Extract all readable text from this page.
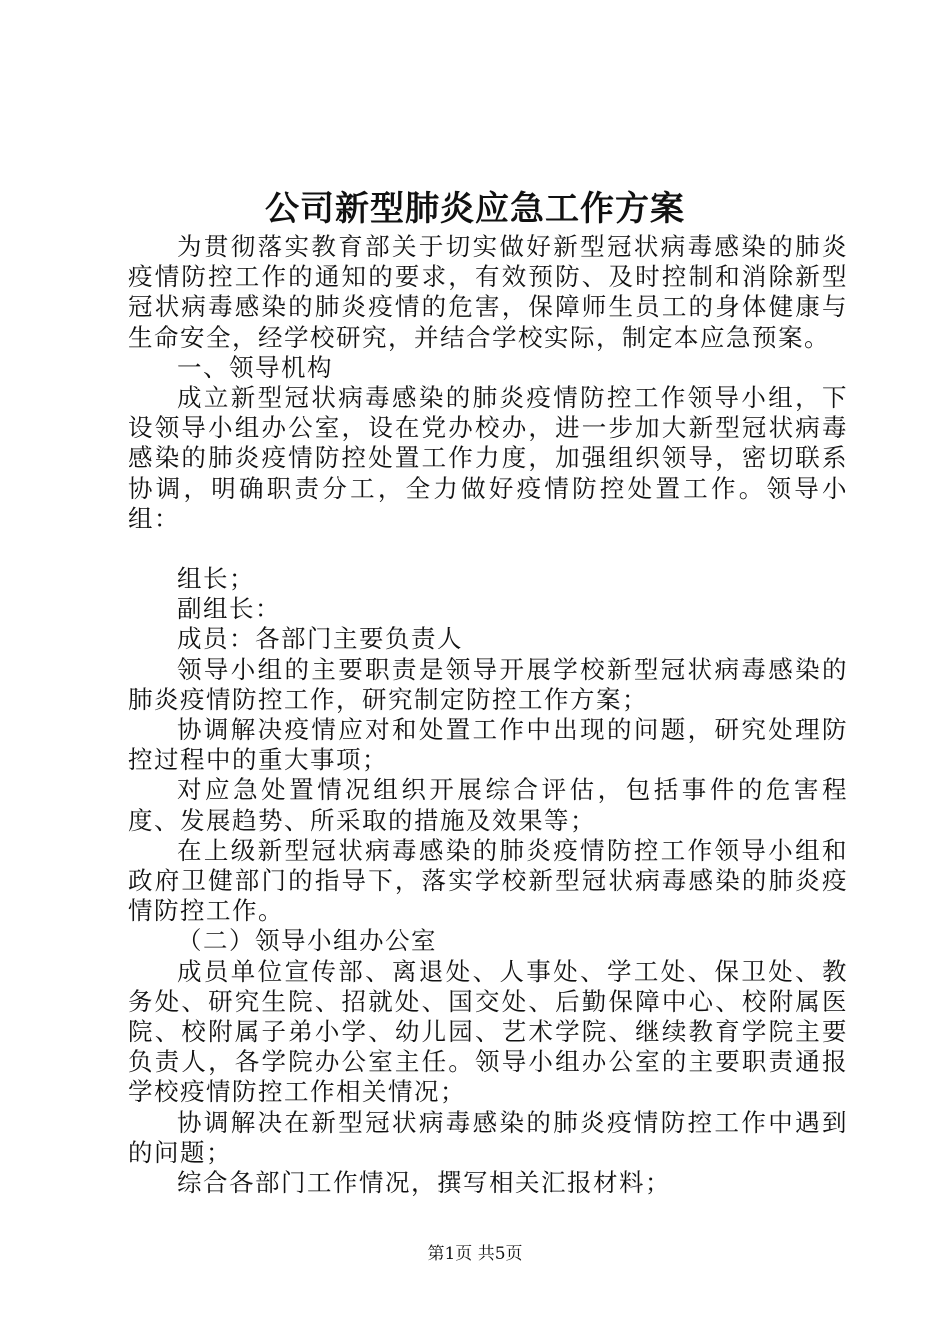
公司新型肺炎应急工作方案

为贯彻落实教育部关于切实做好新型冠状病毒感染的肺炎疫情防控工作的通知的要求，有效预防、及时控制和消除新型冠状病毒感染的肺炎疫情的危害，保障师生员工的身体健康与生命安全，经学校研究，并结合学校实际，制定本应急预案。

一、领导机构

成立新型冠状病毒感染的肺炎疫情防控工作领导小组，下设领导小组办公室，设在党办校办，进一步加大新型冠状病毒感染的肺炎疫情防控处置工作力度，加强组织领导，密切联系协调，明确职责分工，全力做好疫情防控处置工作。领导小组：

组长；

副组长：

成员：各部门主要负责人

领导小组的主要职责是领导开展学校新型冠状病毒感染的肺炎疫情防控工作，研究制定防控工作方案；

协调解决疫情应对和处置工作中出现的问题，研究处理防控过程中的重大事项；

对应急处置情况组织开展综合评估，包括事件的危害程度、发展趋势、所采取的措施及效果等；

在上级新型冠状病毒感染的肺炎疫情防控工作领导小组和政府卫健部门的指导下，落实学校新型冠状病毒感染的肺炎疫情防控工作。

（二）领导小组办公室

成员单位宣传部、离退处、人事处、学工处、保卫处、教务处、研究生院、招就处、国交处、后勤保障中心、校附属医院、校附属子弟小学、幼儿园、艺术学院、继续教育学院主要负责人，各学院办公室主任。领导小组办公室的主要职责通报学校疫情防控工作相关情况；

协调解决在新型冠状病毒感染的肺炎疫情防控工作中遇到的问题；

综合各部门工作情况，撰写相关汇报材料；

第1页 共5页
